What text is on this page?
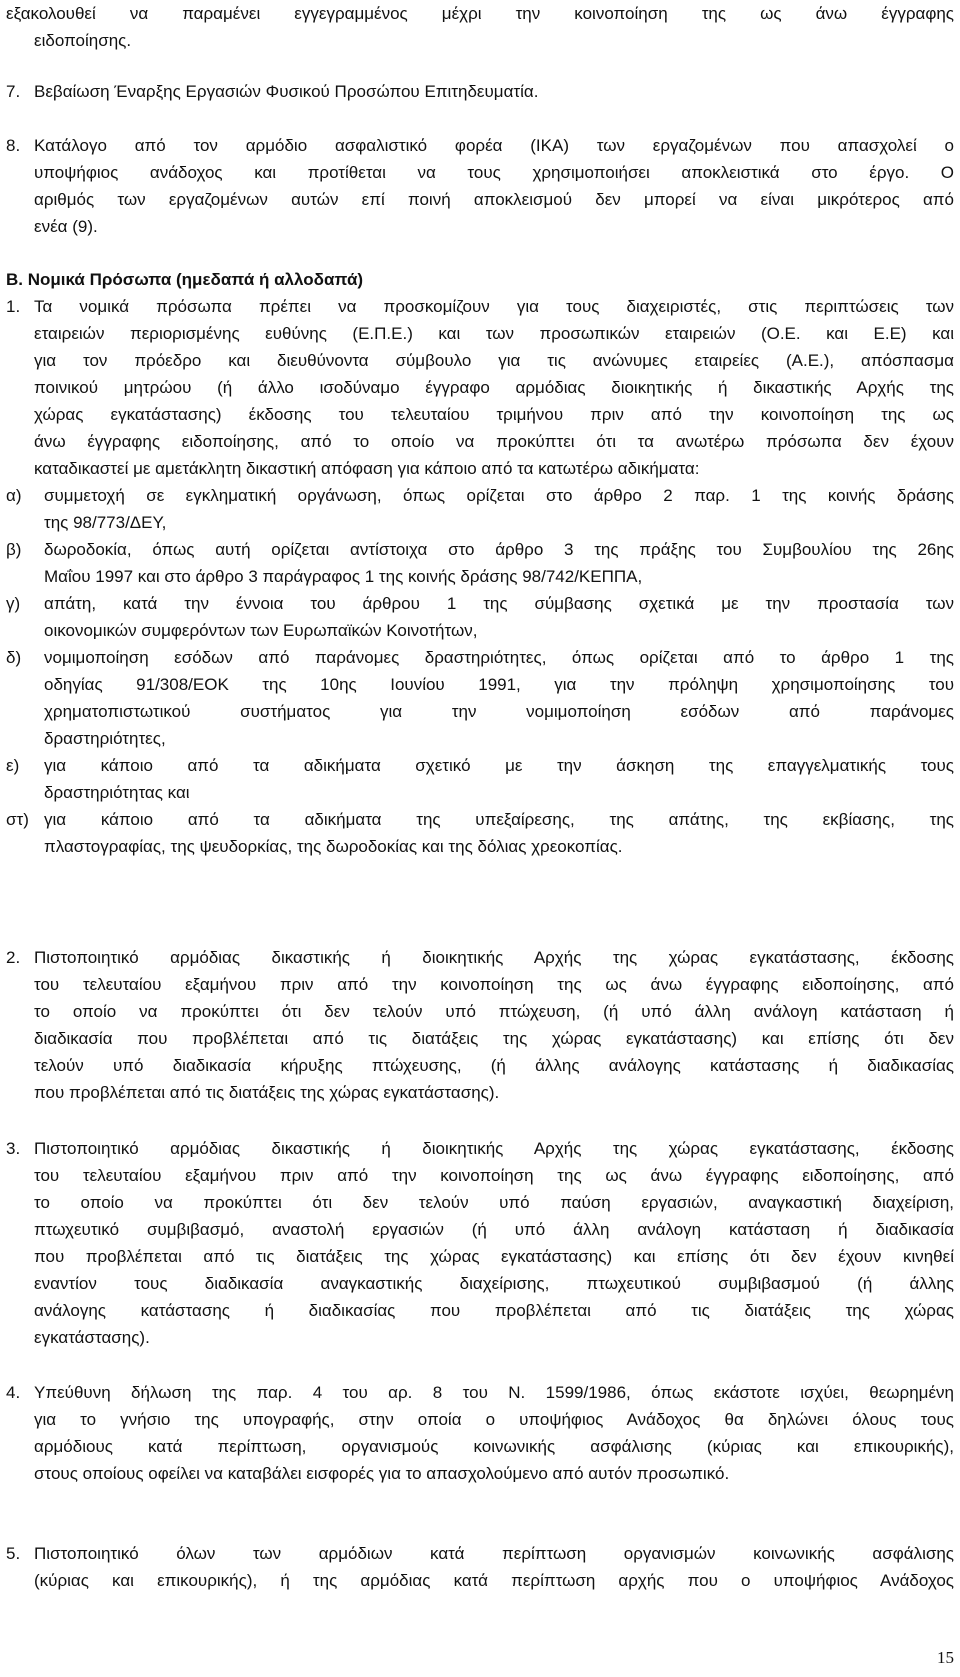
εξακολουθεί να παραμένει εγγεγραμμένος μέχρι την κοινοποίηση της ως άνω έγγραφης
ειδοποίησης.
7. Βεβαίωση Έναρξης Εργασιών Φυσικού Προσώπου Επιτηδευματία.
8. Κατάλογο από τον αρμόδιο ασφαλιστικό φορέα (ΙΚΑ) των εργαζομένων που απασχολεί ο
υποψήφιος ανάδοχος και προτίθεται να τους χρησιμοποιήσει αποκλειστικά στο έργο. Ο
αριθμός των εργαζομένων αυτών επί ποινή αποκλεισμού δεν μπορεί να είναι μικρότερος από
ενέα (9).
Β. Νομικά Πρόσωπα (ημεδαπά ή αλλοδαπά)
1. Τα νομικά πρόσωπα πρέπει να προσκομίζουν για τους διαχειριστές, στις περιπτώσεις των
εταιρειών περιορισμένης ευθύνης (Ε.Π.Ε.) και των προσωπικών εταιρειών (Ο.Ε. και Ε.Ε) και
για τον πρόεδρο και διευθύνοντα σύμβουλο για τις ανώνυμες εταιρείες (Α.Ε.), απόσπασμα
ποινικού μητρώου (ή άλλο ισοδύναμο έγγραφο αρμόδιας διοικητικής ή δικαστικής Αρχής της
χώρας εγκατάστασης) έκδοσης του τελευταίου τριμήνου πριν από την κοινοποίηση της ως
άνω έγγραφης ειδοποίησης, από το οποίο να προκύπτει ότι τα ανωτέρω πρόσωπα δεν έχουν
καταδικαστεί με αμετάκλητη δικαστική απόφαση για κάποιο από τα κατωτέρω αδικήματα:
α) συμμετοχή σε εγκληματική οργάνωση, όπως ορίζεται στο άρθρο 2 παρ. 1 της κοινής δράσης
της 98/773/ΔΕΥ,
β) δωροδοκία, όπως αυτή ορίζεται αντίστοιχα στο άρθρο 3 της πράξης του Συμβουλίου της 26ης
Μαΐου 1997 και στο άρθρο 3 παράγραφος 1 της κοινής δράσης 98/742/ΚΕΠΠΑ,
γ) απάτη, κατά την έννοια του άρθρου 1 της σύμβασης σχετικά με την προστασία των
οικονομικών συμφερόντων των Ευρωπαϊκών Κοινοτήτων,
δ) νομιμοποίηση εσόδων από παράνομες δραστηριότητες, όπως ορίζεται από το άρθρο 1 της
οδηγίας 91/308/ΕΟΚ της 10ης Ιουνίου 1991, για την πρόληψη χρησιμοποίησης του
χρηματοπιστωτικού συστήματος για την νομιμοποίηση εσόδων από παράνομες
δραστηριότητες,
ε) για κάποιο από τα αδικήματα σχετικό με την άσκηση της επαγγελματικής τους
δραστηριότητας και
στ) για κάποιο από τα αδικήματα της υπεξαίρεσης, της απάτης, της εκβίασης, της
πλαστογραφίας, της ψευδορκίας, της δωροδοκίας και της δόλιας χρεοκοπίας.
2. Πιστοποιητικό αρμόδιας δικαστικής ή διοικητικής Αρχής της χώρας εγκατάστασης, έκδοσης
του τελευταίου εξαμήνου πριν από την κοινοποίηση της ως άνω έγγραφης ειδοποίησης, από
το οποίο να προκύπτει ότι δεν τελούν υπό πτώχευση, (ή υπό άλλη ανάλογη κατάσταση ή
διαδικασία που προβλέπεται από τις διατάξεις της χώρας εγκατάστασης) και επίσης ότι δεν
τελούν υπό διαδικασία κήρυξης πτώχευσης, (ή άλλης ανάλογης κατάστασης ή διαδικασίας
που προβλέπεται από τις διατάξεις της χώρας εγκατάστασης).
3. Πιστοποιητικό αρμόδιας δικαστικής ή διοικητικής Αρχής της χώρας εγκατάστασης, έκδοσης
του τελευταίου εξαμήνου πριν από την κοινοποίηση της ως άνω έγγραφης ειδοποίησης, από
το οποίο να προκύπτει ότι δεν τελούν υπό παύση εργασιών, αναγκαστική διαχείριση,
πτωχευτικό συμβιβασμό, αναστολή εργασιών (ή υπό άλλη ανάλογη κατάσταση ή διαδικασία
που προβλέπεται από τις διατάξεις της χώρας εγκατάστασης) και επίσης ότι δεν έχουν κινηθεί
εναντίον τους διαδικασία αναγκαστικής διαχείρισης, πτωχευτικού συμβιβασμού (ή άλλης
ανάλογης κατάστασης ή διαδικασίας που προβλέπεται από τις διατάξεις της χώρας
εγκατάστασης).
4. Υπεύθυνη δήλωση της παρ. 4 του αρ. 8 του Ν. 1599/1986, όπως εκάστοτε ισχύει, θεωρημένη
για το γνήσιο της υπογραφής, στην οποία ο υποψήφιος Ανάδοχος θα δηλώνει όλους τους
αρμόδιους κατά περίπτωση, οργανισμούς κοινωνικής ασφάλισης (κύριας και επικουρικής),
στους οποίους οφείλει να καταβάλει εισφορές για το απασχολούμενο από αυτόν προσωπικό.
5. Πιστοποιητικό όλων των αρμόδιων κατά περίπτωση οργανισμών κοινωνικής ασφάλισης
(κύριας και επικουρικής), ή της αρμόδιας κατά περίπτωση αρχής που ο υποψήφιος Ανάδοχος
15
